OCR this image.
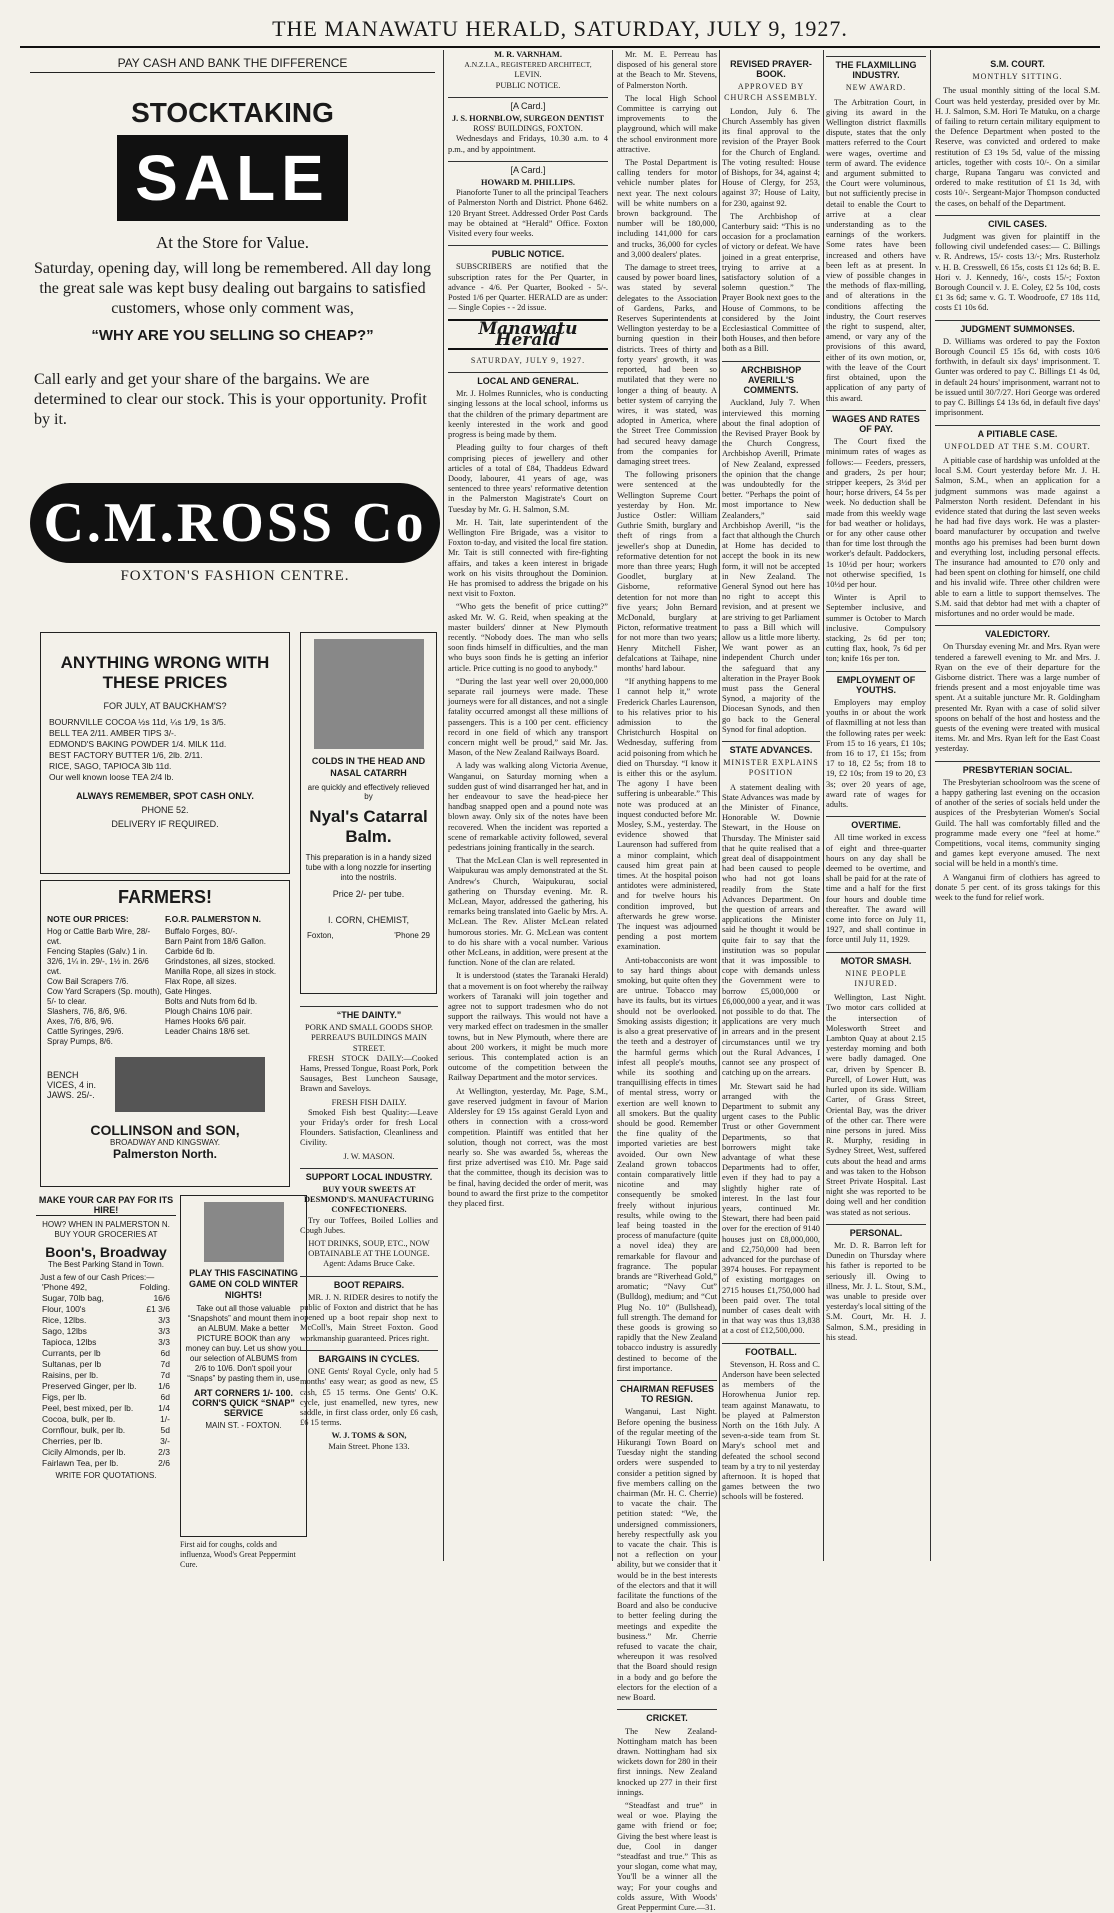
THE MANAWATU HERALD, SATURDAY, JULY 9, 1927.
PAY CASH AND BANK THE DIFFERENCE
STOCKTAKING
SALE
At the Store for Value.
Saturday, opening day, will long be remembered. All day long the great sale was kept busy dealing out bargains to satisfied customers, whose only comment was,
“WHY ARE YOU SELLING SO CHEAP?”
Call early and get your share of the bargains. We are determined to clear our stock. This is your opportunity. Profit by it.
C.M.ROSS Co
FOXTON'S FASHION CENTRE.
ANYTHING WRONG WITH THESE PRICES
FOR JULY, AT BAUCKHAM'S?
BOURNVILLE COCOA ½s 11d, ¼s 1/9, 1s 3/5.
BELL TEA 2/11. AMBER TIPS 3/-.
EDMOND'S BAKING POWDER 1/4. MILK 11d.
BEST FACTORY BUTTER 1/6, 2lb. 2/11.
RICE, SAGO, TAPIOCA 3lb 11d.
Our well known loose TEA 2/4 lb.
ALWAYS REMEMBER, SPOT CASH ONLY.
PHONE 52.
DELIVERY IF REQUIRED.
COLDS IN THE HEAD AND NASAL CATARRH
are quickly and effectively relieved by
Nyal's Catarral Balm.
This preparation is in a handy sized tube with a long nozzle for inserting into the nostrils.
Price 2/- per tube.
I. CORN, CHEMIST,
Foxton,	'Phone 29
FARMERS!
NOTE OUR PRICES:	F.O.R. PALMERSTON N.
Hog or Cattle Barb Wire, 28/- cwt.
Fencing Staples (Galv.) 1 in. 32/6, 1¼ in. 29/-, 1½ in. 26/6 cwt.
Cow Bail Scrapers 7/6.
Cow Yard Scrapers (Sp. mouth), 5/- to clear.
Slashers, 7/6, 8/6, 9/6.
Axes, 7/6, 8/6, 9/6.
Cattle Syringes, 29/6.
Spray Pumps, 8/6.
Buffalo Forges, 80/-.
Barn Paint from 18/6 Gallon.
Carbide 6d lb.
Grindstones, all sizes, stocked.
Manilla Rope, all sizes in stock.
Flax Rope, all sizes.
Gate Hinges.
Bolts and Nuts from 6d lb.
Plough Chains 10/6 pair.
Hames Hooks 6/6 pair.
Leader Chains 18/6 set.
BENCH VICES, 4 in. JAWS. 25/-.
COLLINSON and SON,
BROADWAY AND KINGSWAY.
Palmerston North.
MAKE YOUR CAR PAY FOR ITS HIRE!
HOW? WHEN IN PALMERSTON N. BUY YOUR GROCERIES AT
Boon's, Broadway
The Best Parking Stand in Town.
Just a few of our Cash Prices:—
'Phone 492,	Folding.
Sugar, 70lb bag,	16/6
Flour, 100's	£1 3/6
Rice, 12lbs.	3/3
Sago, 12lbs	3/3
Tapioca, 12lbs	3/3
Currants, per lb	6d
Sultanas, per lb	7d
Raisins, per lb.	7d
Preserved Ginger, per lb.	1/6
Figs, per lb.	6d
Peel, best mixed, per lb.	1/4
Cocoa, bulk, per lb.	1/-
Cornflour, bulk, per lb.	5d
Cherries, per lb.	3/-
Cicily Almonds, per lb.	2/3
Fairlawn Tea, per lb.	2/6
WRITE FOR QUOTATIONS.
PLAY THIS FASCINATING GAME ON COLD WINTER NIGHTS!
Take out all those valuable “Snapshots” and mount them in an ALBUM. Make a better PICTURE BOOK than any money can buy. Let us show you our selection of ALBUMS from 2/6 to 10/6. Don't spoil your “Snaps” by pasting them in, use
ART CORNERS 1/- 100.
CORN'S QUICK “SNAP” SERVICE
MAIN ST. - FOXTON.
First aid for coughs, colds and influenza, Wood's Great Peppermint Cure.
M. R. VARNHAM.
A.N.Z.I.A., REGISTERED ARCHITECT,
LEVIN.
PUBLIC NOTICE.
[A Card.]
J. S. HORNBLOW, SURGEON DENTIST
ROSS' BUILDINGS, FOXTON.

Wednesdays and Fridays, 10.30 a.m. to 4 p.m., and by appointment.

[A Card.]
HOWARD M. PHILLIPS.

Pianoforte Tuner to all the principal Teachers of Palmerston North and District. Phone 6462. 120 Bryant Street. Addressed Order Post Cards may be obtained at “Herald” Office. Foxton Visited every four weeks.

PUBLIC NOTICE.

SUBSCRIBERS are notified that the subscription rates for the Per Quarter, in advance - 4/6. Per Quarter, Booked - 5/-. Posted 1/6 per Quarter. HERALD are as under:— Single Copies - - 2d issue.

Manawatu Herald
SATURDAY, JULY 9, 1927.
LOCAL AND GENERAL.

Mr. J. Holmes Runnicles, who is conducting singing lessons at the local school, informs us that the children of the primary department are keenly interested in the work and good progress is being made by them.

Pleading guilty to four charges of theft comprising pieces of jewellery and other articles of a total of £84, Thaddeus Edward Doody, labourer, 41 years of age, was sentenced to three years' reformative detention in the Palmerston Magistrate's Court on Tuesday by Mr. G. H. Salmon, S.M.

Mr. H. Tait, late superintendent of the Wellington Fire Brigade, was a visitor to Foxton to-day, and visited the local fire station. Mr. Tait is still connected with fire-fighting affairs, and takes a keen interest in brigade work on his visits throughout the Dominion. He has promised to address the brigade on his next visit to Foxton.

“Who gets the benefit of price cutting?” asked Mr. W. G. Reid, when speaking at the master builders' dinner at New Plymouth recently. “Nobody does. The man who sells soon finds himself in difficulties, and the man who buys soon finds he is getting an inferior article. Price cutting is no good to anybody.”

“During the last year well over 20,000,000 separate rail journeys were made. These journeys were for all distances, and not a single fatality occurred amongst all these millions of passengers. This is a 100 per cent. efficiency record in one field of which any transport concern might well be proud,” said Mr. Jas. Mason, of the New Zealand Railways Board.

A lady was walking along Victoria Avenue, Wanganui, on Saturday morning when a sudden gust of wind disarranged her hat, and in her endeavour to save the head-piece her handbag snapped open and a pound note was blown away. Only six of the notes have been recovered. When the incident was reported a scene of remarkable activity followed, several pedestrians joining frantically in the search.

That the McLean Clan is well represented in Waipukurau was amply demonstrated at the St. Andrew's Church, Waipukurau, social gathering on Thursday evening. Mr. R. McLean, Mayor, addressed the gathering, his remarks being translated into Gaelic by Mrs. A. McLean. The Rev. Alister McLean related humorous stories. Mr. G. McLean was content to do his share with a vocal number. Various other McLeans, in addition, were present at the function. None of the clan are related.

It is understood (states the Taranaki Herald) that a movement is on foot whereby the railway workers of Taranaki will join together and agree not to support tradesmen who do not support the railways. This would not have a very marked effect on tradesmen in the smaller towns, but in New Plymouth, where there are about 200 workers, it might be much more serious. This contemplated action is an outcome of the competition between the Railway Department and the motor services.

At Wellington, yesterday, Mr. Page, S.M., gave reserved judgment in favour of Marion Aldersley for £9 15s against Gerald Lyon and others in connection with a cross-word competition. Plaintiff was entitled that her solution, though not correct, was the most nearly so. She was awarded 5s, whereas the first prize advertised was £10. Mr. Page said that the committee, though its decision was to be final, having decided the order of merit, was bound to award the first prize to the competitor they placed first.

“THE DAINTY.”
PORK AND SMALL GOODS SHOP.
PERREAU'S BUILDINGS MAIN STREET.

FRESH STOCK DAILY:—Cooked Hams, Pressed Tongue, Roast Pork, Pork Sausages, Best Luncheon Sausage, Brawn and Saveloys.

FRESH FISH DAILY.

Smoked Fish best Quality:—Leave your Friday's order for fresh Local Flounders. Satisfaction, Cleanliness and Civility.

J. W. MASON.
SUPPORT LOCAL INDUSTRY.
BUY YOUR SWEETS AT DESMOND'S. MANUFACTURING CONFECTIONERS.

Try our Toffees, Boiled Lollies and Cough Jubes.

HOT DRINKS, SOUP, ETC., NOW OBTAINABLE AT THE LOUNGE.
Agent: Adams Bruce Cake.
BOOT REPAIRS.

MR. J. N. RIDER desires to notify the public of Foxton and district that he has opened up a boot repair shop next to McColl's, Main Street Foxton. Good workmanship guaranteed. Prices right.

BARGAINS IN CYCLES.

ONE Gents' Royal Cycle, only had 5 months' easy wear; as good as new, £5 cash, £5 15 terms. One Gents' O.K. cycle, just enamelled, new tyres, new saddle, in first class order, only £6 cash, £6 15 terms.

W. J. TOMS & SON,
Main Street. Phone 133.

Mr. M. E. Perreau has disposed of his general store at the Beach to Mr. Stevens, of Palmerston North.

The local High School Committee is carrying out improvements to the playground, which will make the school environment more attractive.

The Postal Department is calling tenders for motor vehicle number plates for next year. The next colours will be white numbers on a brown background. The number will be 180,000, including 141,000 for cars and trucks, 36,000 for cycles and 3,000 dealers' plates.

The damage to street trees, caused by power board lines, was stated by several delegates to the Association of Gardens, Parks, and Reserves Superintendents at Wellington yesterday to be a burning question in their districts. Trees of thirty and forty years' growth, it was reported, had been so mutilated that they were no longer a thing of beauty. A better system of carrying the wires, it was stated, was adopted in America, where the Street Tree Commission had secured heavy damage from the companies for damaging street trees.

The following prisoners were sentenced at the Wellington Supreme Court yesterday by Hon. Mr. Justice Ostler: William Guthrie Smith, burglary and theft of rings from a jeweller's shop at Dunedin, reformative detention for not more than three years; Hugh Goodlet, burglary at Gisborne, reformative detention for not more than five years; John Bernard McDonald, burglary at Picton, reformative treatment for not more than two years; Henry Mitchell Fisher, defalcations at Taihape, nine months' hard labour.

“If anything happens to me I cannot help it,” wrote Frederick Charles Laurenson, to his relatives prior to his admission to the Christchurch Hospital on Wednesday, suffering from acid poisoning from which he died on Thursday. “I know it is either this or the asylum. The agony I have been suffering is unbearable.” This note was produced at an inquest conducted before Mr. Mosley, S.M., yesterday. The evidence showed that Laurenson had suffered from a minor complaint, which caused him great pain at times. At the hospital poison antidotes were administered, and for twelve hours his condition improved, but afterwards he grew worse. The inquest was adjourned pending a post mortem examination.

Anti-tobacconists are wont to say hard things about smoking, but quite often they are untrue. Tobacco may have its faults, but its virtues should not be overlooked. Smoking assists digestion; it is also a great preservative of the teeth and a destroyer of the harmful germs which infest all people's mouths, while its soothing and tranquillising effects in times of mental stress, worry or exertion are well known to all smokers. But the quality should be good. Remember the fine quality of the imported varieties are best avoided. Our own New Zealand grown tobaccos contain comparatively little nicotine and may consequently be smoked freely without injurious results, while owing to the leaf being toasted in the process of manufacture (quite a novel idea) they are remarkable for flavour and fragrance. The popular brands are “Riverhead Gold,” aromatic; “Navy Cut” (Bulldog), medium; and “Cut Plug No. 10” (Bullshead), full strength. The demand for these goods is growing so rapidly that the New Zealand tobacco industry is assuredly destined to become of the first importance.

CHAIRMAN REFUSES TO RESIGN.

Wanganui, Last Night. Before opening the business of the regular meeting of the Hikurangi Town Board on Tuesday night the standing orders were suspended to consider a petition signed by five members calling on the chairman (Mr. H. C. Cherrie) to vacate the chair. The petition stated: “We, the undersigned commissioners, hereby respectfully ask you to vacate the chair. This is not a reflection on your ability, but we consider that it would be in the best interests of the electors and that it will facilitate the functions of the Board and also be conducive to better feeling during the meetings and expedite the business.” Mr. Cherrie refused to vacate the chair, whereupon it was resolved that the Board should resign in a body and go before the electors for the election of a new Board.

CRICKET.

The New Zealand-Nottingham match has been drawn. Nottingham had six wickets down for 280 in their first innings. New Zealand knocked up 277 in their first innings.

“Steadfast and true” in weal or woe. Playing the game with friend or foe; Giving the best where least is due, Cool in danger “steadfast and true.” This as your slogan, come what may, You'll be a winner all the way; For your coughs and colds assure, With Woods' Great Peppermint Cure.—31.

REVISED PRAYER-BOOK.
APPROVED BY CHURCH ASSEMBLY.

London, July 6. The Church Assembly has given its final approval to the revision of the Prayer Book for the Church of England. The voting resulted: House of Bishops, for 34, against 4; House of Clergy, for 253, against 37; House of Laity, for 230, against 92.

The Archbishop of Canterbury said: “This is no occasion for a proclamation of victory or defeat. We have joined in a great enterprise, trying to arrive at a satisfactory solution of a solemn question.” The Prayer Book next goes to the House of Commons, to be considered by the Joint Ecclesiastical Committee of both Houses, and then before both as a Bill.

ARCHBISHOP AVERILL'S COMMENTS.

Auckland, July 7. When interviewed this morning about the final adoption of the Revised Prayer Book by the Church Congress, Archbishop Averill, Primate of New Zealand, expressed the opinion that the change was undoubtedly for the better. “Perhaps the point of most importance to New Zealanders,” said Archbishop Averill, “is the fact that although the Church at Home has decided to accept the book in its new form, it will not be accepted in New Zealand. The General Synod out here has no right to accept this revision, and at present we are striving to get Parliament to pass a Bill which will allow us a little more liberty. We want power as an independent Church under the safeguard that any alteration in the Prayer Book must pass the General Synod, a majority of the Diocesan Synods, and then go back to the General Synod for final adoption.

STATE ADVANCES.
MINISTER EXPLAINS POSITION

A statement dealing with State Advances was made by the Minister of Finance, Honorable W. Downie Stewart, in the House on Thursday. The Minister said that he quite realised that a great deal of disappointment had been caused to people who had not got loans readily from the State Advances Department. On the question of arrears and applications the Minister said he thought it would be quite fair to say that the institution was so popular that it was impossible to cope with demands unless the Government were to borrow £5,000,000 or £6,000,000 a year, and it was not possible to do that. The applications are very much in arrears and in the present circumstances until we try out the Rural Advances, I cannot see any prospect of catching up on the arrears.

Mr. Stewart said he had arranged with the Department to submit any urgent cases to the Public Trust or other Government Departments, so that borrowers might take advantage of what these Departments had to offer, even if they had to pay a slightly higher rate of interest. In the last four years, continued Mr. Stewart, there had been paid over for the erection of 9140 houses just on £8,000,000, and £2,750,000 had been advanced for the purchase of 3974 houses. For repayment of existing mortgages on 2715 houses £1,750,000 had been paid over. The total number of cases dealt with in that way was thus 13,838 at a cost of £12,500,000.

FOOTBALL.

Stevenson, H. Ross and C. Anderson have been selected as members of the Horowhenua Junior rep. team against Manawatu, to be played at Palmerston North on the 16th July. A seven-a-side team from St. Mary's school met and defeated the school second team by a try to nil yesterday afternoon. It is hoped that games between the two schools will be fostered.

S.M. COURT.
MONTHLY SITTING.

The usual monthly sitting of the local S.M. Court was held yesterday, presided over by Mr. H. J. Salmon, S.M. Hori Te Matuku, on a charge of failing to return certain military equipment to the Defence Department when posted to the Reserve, was convicted and ordered to make restitution of £3 19s 5d, value of the missing articles, together with costs 10/-. On a similar charge, Rupana Tangaru was convicted and ordered to make restitution of £1 1s 3d, with costs 10/-. Sergeant-Major Thompson conducted the cases, on behalf of the Department.

CIVIL CASES.

Judgment was given for plaintiff in the following civil undefended cases:— C. Billings v. R. Andrews, 15/- costs 13/-; Mrs. Rusterholz v. H. B. Cresswell, £6 15s, costs £1 12s 6d; B. E. Hori v. J. Kennedy, 16/-, costs 15/-; Foxton Borough Council v. J. E. Coley, £2 5s 10d, costs £1 3s 6d; same v. G. T. Woodroofe, £7 18s 11d, costs £1 10s 6d.

JUDGMENT SUMMONSES.

D. Williams was ordered to pay the Foxton Borough Council £5 15s 6d, with costs 10/6 forthwith, in default six days' imprisonment. T. Gunter was ordered to pay C. Billings £1 4s 0d, in default 24 hours' imprisonment, warrant not to be issued until 30/7/27. Hori George was ordered to pay C. Billings £4 13s 6d, in default five days' imprisonment.

A PITIABLE CASE.
UNFOLDED AT THE S.M. COURT.

A pitiable case of hardship was unfolded at the local S.M. Court yesterday before Mr. J. H. Salmon, S.M., when an application for a judgment summons was made against a Palmerston North resident. Defendant in his evidence stated that during the last seven weeks he had had five days work. He was a plaster-board manufacturer by occupation and twelve months ago his premises had been burnt down and everything lost, including personal effects. The insurance had amounted to £70 only and had been spent on clothing for himself, one child and his invalid wife. Three other children were able to earn a little to support themselves. The S.M. said that debtor had met with a chapter of misfortunes and no order would be made.

VALEDICTORY.

On Thursday evening Mr. and Mrs. Ryan were tendered a farewell evening to Mr. and Mrs. J. Ryan on the eve of their departure for the Gisborne district. There was a large number of friends present and a most enjoyable time was spent. At a suitable juncture Mr. R. Goldingham presented Mr. Ryan with a case of solid silver spoons on behalf of the host and hostess and the guests of the evening were treated with musical items. Mr. and Mrs. Ryan left for the East Coast yesterday.

PRESBYTERIAN SOCIAL.

The Presbyterian schoolroom was the scene of a happy gathering last evening on the occasion of another of the series of socials held under the auspices of the Presbyterian Women's Social Guild. The hall was comfortably filled and the programme made every one “feel at home.” Competitions, vocal items, community singing and games kept everyone amused. The next social will be held in a month's time.

A Wanganui firm of clothiers has agreed to donate 5 per cent. of its gross takings for this week to the fund for relief work.

THE FLAXMILLING INDUSTRY.
NEW AWARD.

The Arbitration Court, in giving its award in the Wellington district flaxmills dispute, states that the only matters referred to the Court were wages, overtime and term of award. The evidence and argument submitted to the Court were voluminous, but not sufficiently precise in detail to enable the Court to arrive at a clear understanding as to the earnings of the workers. Some rates have been increased and others have been left as at present. In view of possible changes in the methods of flax-milling, and of alterations in the conditions affecting the industry, the Court reserves the right to suspend, alter, amend, or vary any of the provisions of this award, either of its own motion, or, with the leave of the Court first obtained, upon the application of any party of this award.

WAGES AND RATES OF PAY.

The Court fixed the minimum rates of wages as follows:— Feeders, pressers, and graders, 2s per hour; stripper keepers, 2s 3½d per hour; horse drivers, £4 5s per week. No deduction shall be made from this weekly wage for bad weather or holidays, or for any other cause other than for time lost through the worker's default. Paddockers, 1s 10½d per hour; workers not otherwise specified, 1s 10½d per hour.

Winter is April to September inclusive, and summer is October to March inclusive. Compulsory stacking, 2s 6d per ton; cutting flax, hook, 7s 6d per ton; knife 16s per ton.

EMPLOYMENT OF YOUTHS.

Employers may employ youths in or about the work of flaxmilling at not less than the following rates per week: From 15 to 16 years, £1 10s; from 16 to 17, £1 15s; from 17 to 18, £2 5s; from 18 to 19, £2 10s; from 19 to 20, £3 3s; over 20 years of age, award rate of wages for adults.

OVERTIME.

All time worked in excess of eight and three-quarter hours on any day shall be deemed to be overtime, and shall be paid for at the rate of time and a half for the first four hours and double time thereafter. The award will come into force on July 11, 1927, and shall continue in force until July 11, 1929.

MOTOR SMASH.
NINE PEOPLE INJURED.

Wellington, Last Night. Two motor cars collided at the intersection of Molesworth Street and Lambton Quay at about 2.15 yesterday morning and both were badly damaged. One car, driven by Spencer B. Purcell, of Lower Hutt, was hurled upon its side. William Carter, of Grass Street, Oriental Bay, was the driver of the other car. There were nine persons in jured. Miss R. Murphy, residing in Sydney Street, West, suffered cuts about the head and arms and was taken to the Hobson Street Private Hospital. Last night she was reported to be doing well and her condition was stated as not serious.

PERSONAL.

Mr. D. R. Barron left for Dunedin on Thursday where his father is reported to be seriously ill. Owing to illness, Mr. J. L. Stout, S.M., was unable to preside over yesterday's local sitting of the S.M. Court, Mr. H. J. Salmon, S.M., presiding in his stead.
